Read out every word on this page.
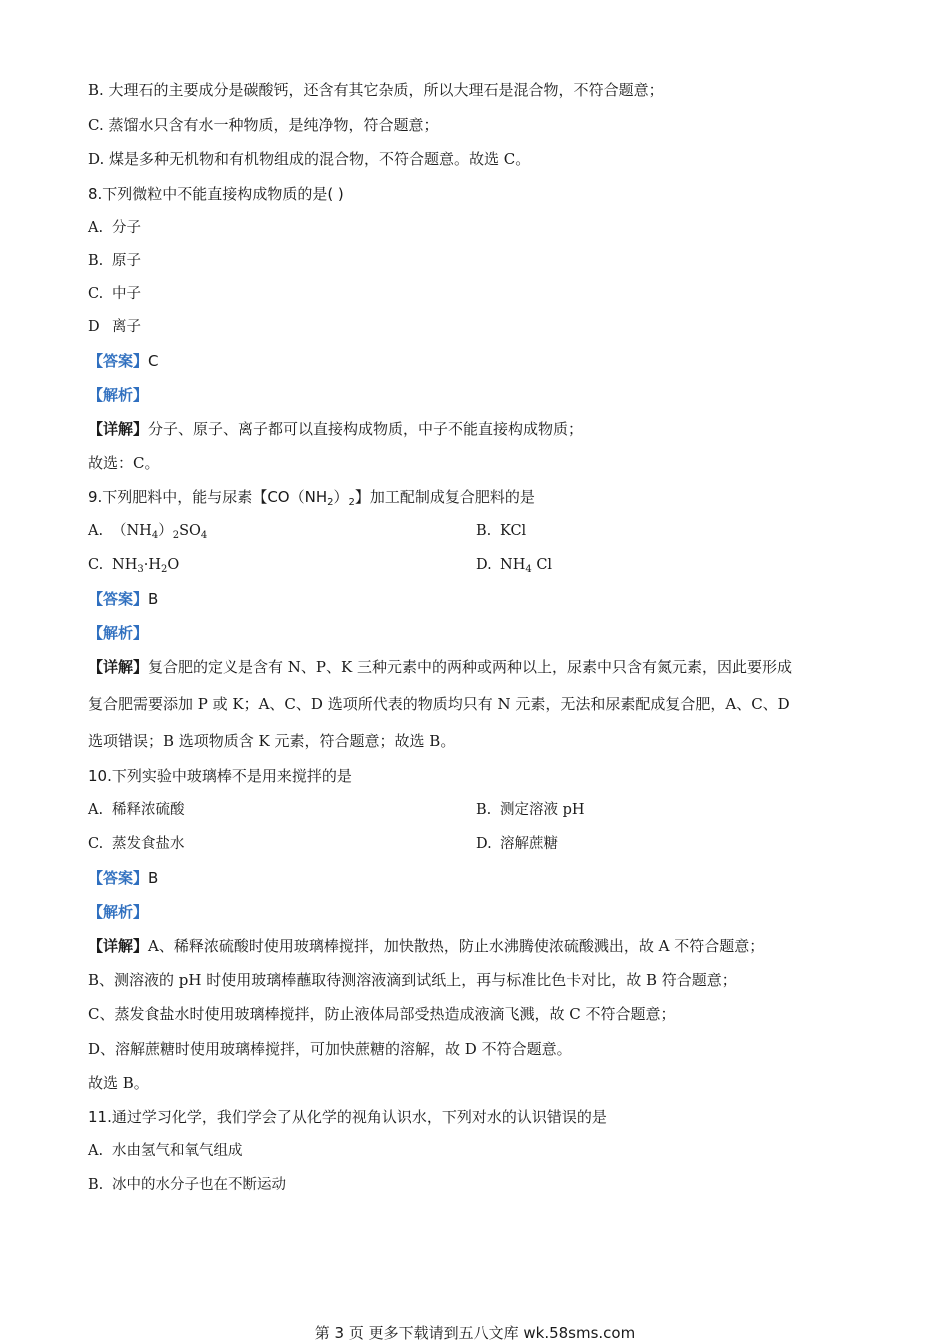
B. 大理石的主要成分是碳酸钙，还含有其它杂质，所以大理石是混合物，不符合题意；

C. 蒸馏水只含有水一种物质，是纯净物，符合题意；

D. 煤是多种无机物和有机物组成的混合物，不符合题意。故选 C。

8.下列微粒中不能直接构成物质的是( )

A. 分子

B. 原子

C. 中子

D 离子

【答案】C

【解析】

【详解】分子、原子、离子都可以直接构成物质，中子不能直接构成物质；

故选：C。

9.下列肥料中，能与尿素【$CO(NH_2)_2$】加工配制成复合肥料的是

A. $(NH_4)_2SO_4$	B. KCl

C. $NH_3\cdot H_2O$	D. $NH_4$ Cl

【答案】B

【解析】

【详解】复合肥的定义是含有 N、P、K 三种元素中的两种或两种以上，尿素中只含有氮元素，因此要形成

复合肥需要添加 P 或 K；A、C、D 选项所代表的物质均只有 N 元素，无法和尿素配成复合肥，A、C、D

选项错误；B 选项物质含 K 元素，符合题意；故选 B。

10.下列实验中玻璃棒不是用来搅拌的是

A. 稀释浓硫酸	B. 测定溶液 pH

C. 蒸发食盐水	D. 溶解蔗糖

【答案】B

【解析】

【详解】A、稀释浓硫酸时使用玻璃棒搅拌，加快散热，防止水沸腾使浓硫酸溅出，故 A 不符合题意；

B、测溶液的 pH 时使用玻璃棒蘸取待测溶液滴到试纸上，再与标准比色卡对比，故 B 符合题意；

C、蒸发食盐水时使用玻璃棒搅拌，防止液体局部受热造成液滴飞溅，故 C 不符合题意；

D、溶解蔗糖时使用玻璃棒搅拌，可加快蔗糖的溶解，故 D 不符合题意。

故选 B。

11.通过学习化学，我们学会了从化学的视角认识水，下列对水的认识错误的是

A. 水由氢气和氧气组成

B. 冰中的水分子也在不断运动

第 3 页 更多下载请到五八文库 wk.58sms.com
